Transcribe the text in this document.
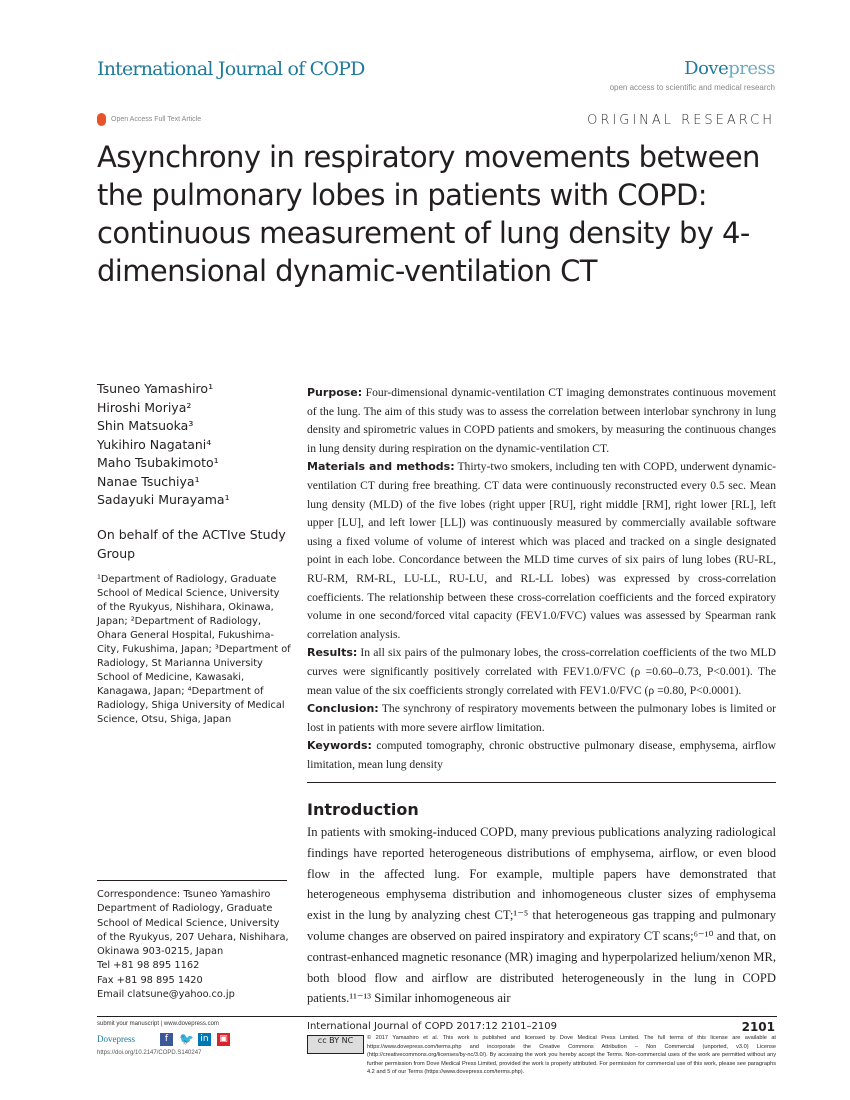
International Journal of COPD	Dovepress
open access to scientific and medical research
Open Access Full Text Article	ORIGINAL RESEARCH
Asynchrony in respiratory movements between the pulmonary lobes in patients with COPD: continuous measurement of lung density by 4-dimensional dynamic-ventilation CT
Tsuneo Yamashiro¹
Hiroshi Moriya²
Shin Matsuoka³
Yukihiro Nagatani⁴
Maho Tsubakimoto¹
Nanae Tsuchiya¹
Sadayuki Murayama¹
On behalf of the ACTIve Study Group
¹Department of Radiology, Graduate School of Medical Science, University of the Ryukyus, Nishihara, Okinawa, Japan; ²Department of Radiology, Ohara General Hospital, Fukushima-City, Fukushima, Japan; ³Department of Radiology, St Marianna University School of Medicine, Kawasaki, Kanagawa, Japan; ⁴Department of Radiology, Shiga University of Medical Science, Otsu, Shiga, Japan
Correspondence: Tsuneo Yamashiro
Department of Radiology, Graduate
School of Medical Science, University
of the Ryukyus, 207 Uehara, Nishihara,
Okinawa 903-0215, Japan
Tel +81 98 895 1162
Fax +81 98 895 1420
Email clatsune@yahoo.co.jp

Purpose: Four-dimensional dynamic-ventilation CT imaging demonstrates continuous movement of the lung. The aim of this study was to assess the correlation between interlobar synchrony in lung density and spirometric values in COPD patients and smokers, by measuring the continuous changes in lung density during respiration on the dynamic-ventilation CT.

Materials and methods: Thirty-two smokers, including ten with COPD, underwent dynamic-ventilation CT during free breathing. CT data were continuously reconstructed every 0.5 sec. Mean lung density (MLD) of the five lobes (right upper [RU], right middle [RM], right lower [RL], left upper [LU], and left lower [LL]) was continuously measured by commercially available software using a fixed volume of volume of interest which was placed and tracked on a single designated point in each lobe. Concordance between the MLD time curves of six pairs of lung lobes (RU-RL, RU-RM, RM-RL, LU-LL, RU-LU, and RL-LL lobes) was expressed by cross-correlation coefficients. The relationship between these cross-correlation coefficients and the forced expiratory volume in one second/forced vital capacity (FEV1.0/FVC) values was assessed by Spearman rank correlation analysis.

Results: In all six pairs of the pulmonary lobes, the cross-correlation coefficients of the two MLD curves were significantly positively correlated with FEV1.0/FVC (ρ =0.60–0.73, P<0.001). The mean value of the six coefficients strongly correlated with FEV1.0/FVC (ρ =0.80, P<0.0001).

Conclusion: The synchrony of respiratory movements between the pulmonary lobes is limited or lost in patients with more severe airflow limitation.

Keywords: computed tomography, chronic obstructive pulmonary disease, emphysema, airflow limitation, mean lung density

Introduction
In patients with smoking-induced COPD, many previous publications analyzing radiological findings have reported heterogeneous distributions of emphysema, airflow, or even blood flow in the affected lung. For example, multiple papers have demonstrated that heterogeneous emphysema distribution and inhomogeneous cluster sizes of emphysema exist in the lung by analyzing chest CT;¹⁻⁵ that heterogeneous gas trapping and pulmonary volume changes are observed on paired inspiratory and expiratory CT scans;⁶⁻¹⁰ and that, on contrast-enhanced magnetic resonance (MR) imaging and hyperpolarized helium/xenon MR, both blood flow and airflow are distributed heterogeneously in the lung in COPD patients.¹¹⁻¹³ Similar inhomogeneous air
submit your manuscript | www.dovepress.com
Dovepress	f 🐦 in ▣
https://doi.org/10.2147/COPD.S140247
International Journal of COPD 2017:12 2101–2109	2101
cc BY NC	© 2017 Yamashiro et al. This work is published and licensed by Dove Medical Press Limited. The full terms of this license are available at https://www.dovepress.com/terms.php and incorporate the Creative Commons Attribution – Non Commercial (unported, v3.0) License (http://creativecommons.org/licenses/by-nc/3.0/). By accessing the work you hereby accept the Terms. Non-commercial uses of the work are permitted without any further permission from Dove Medical Press Limited, provided the work is properly attributed. For permission for commercial use of this work, please see paragraphs 4.2 and 5 of our Terms (https://www.dovepress.com/terms.php).
